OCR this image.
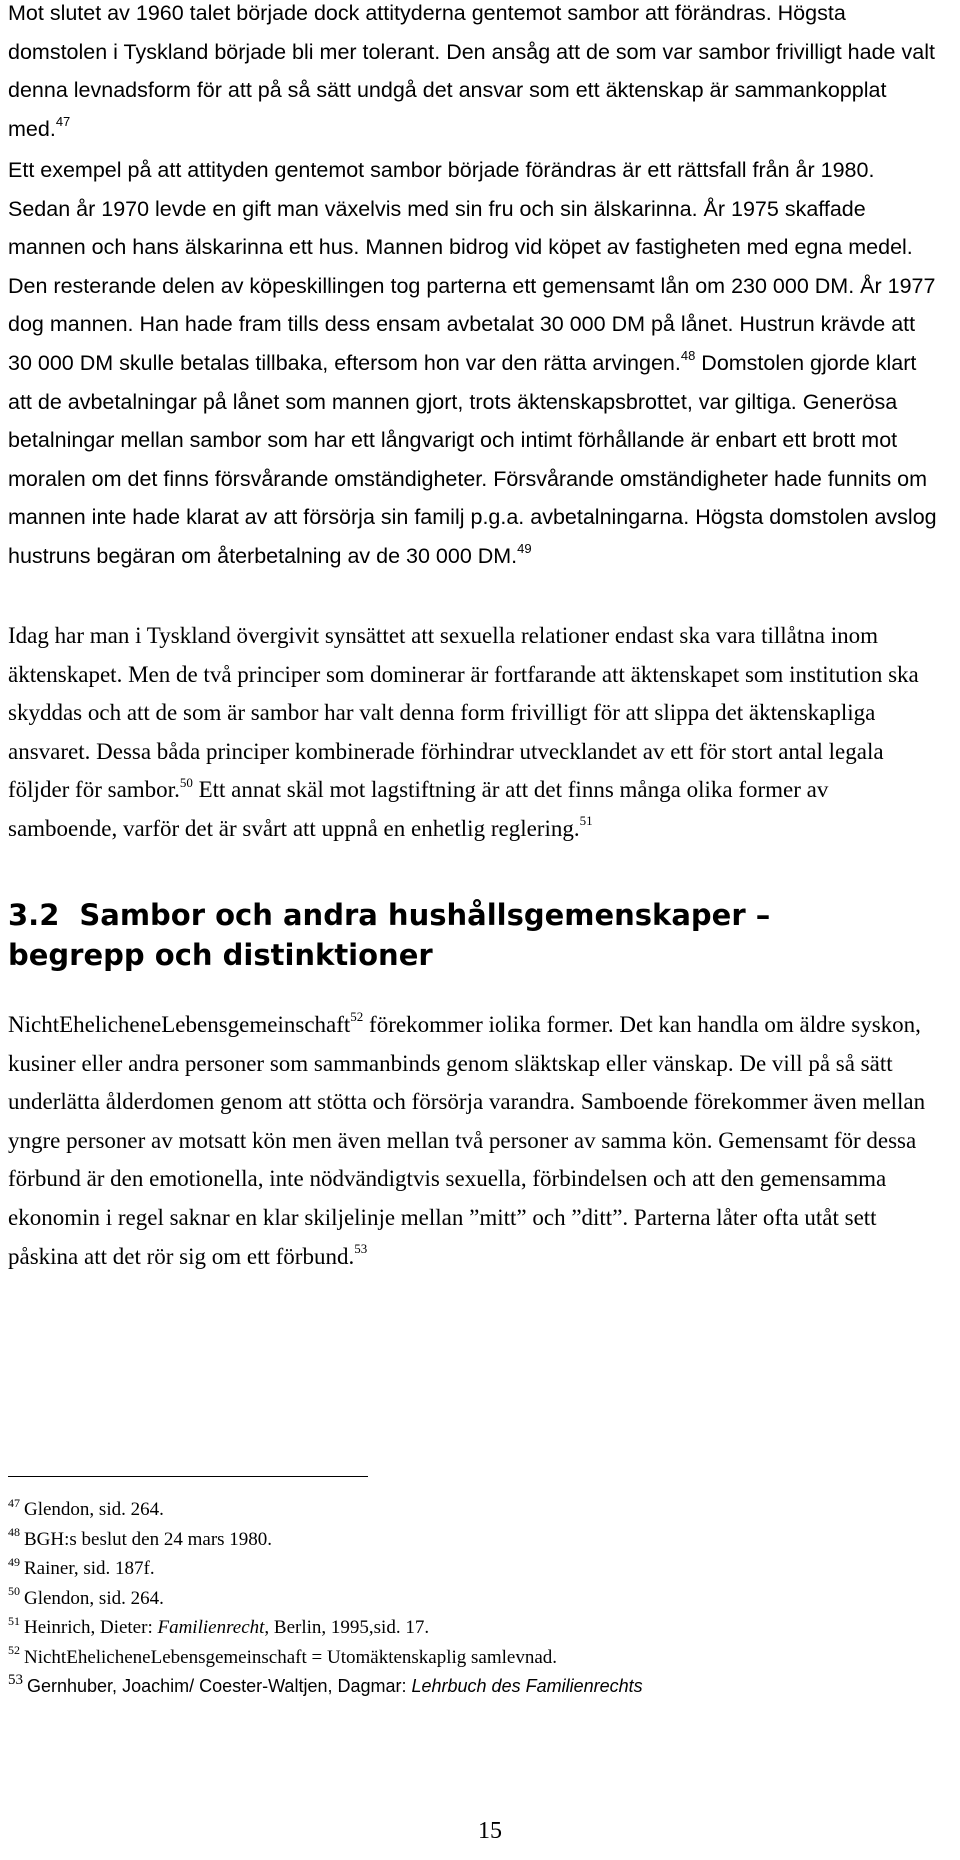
Mot slutet av 1960 talet började dock attityderna gentemot sambor att förändras. Högsta domstolen i Tyskland började bli mer tolerant. Den ansåg att de som var sambor frivilligt hade valt denna levnadsform för att på så sätt undgå det ansvar som ett äktenskap är sammankopplat med.$^{47}$

Ett exempel på att attityden gentemot sambor började förändras är ett rättsfall från år 1980. Sedan år 1970 levde en gift man växelvis med sin fru och sin älskarinna. År 1975 skaffade mannen och hans älskarinna ett hus. Mannen bidrog vid köpet av fastigheten med egna medel. Den resterande delen av köpeskillingen tog parterna ett gemensamt lån om 230 000 DM. År 1977 dog mannen. Han hade fram tills dess ensam avbetalat 30 000 DM på lånet. Hustrun krävde att 30 000 DM skulle betalas tillbaka, eftersom hon var den rätta arvingen.$^{48}$ Domstolen gjorde klart att de avbetalningar på lånet som mannen gjort, trots äktenskapsbrottet, var giltiga. Generösa betalningar mellan sambor som har ett långvarigt och intimt förhållande är enbart ett brott mot moralen om det finns försvårande omständigheter. Försvårande omständigheter hade funnits om mannen inte hade klarat av att försörja sin familj p.g.a. avbetalningarna. Högsta domstolen avslog hustruns begäran om återbetalning av de 30 000 DM.$^{49}$

Idag har man i Tyskland övergivit synsättet att sexuella relationer endast ska vara tillåtna inom äktenskapet. Men de två principer som dominerar är fortfarande att äktenskapet som institution ska skyddas och att de som är sambor har valt denna form frivilligt för att slippa det äktenskapliga ansvaret. Dessa båda principer kombinerade förhindrar utvecklandet av ett för stort antal legala följder för sambor.$^{50}$ Ett annat skäl mot lagstiftning är att det finns många olika former av samboende, varför det är svårt att uppnå en enhetlig reglering.$^{51}$

3.2 Sambor och andra hushållsgemenskaper –
begrepp och distinktioner

NichtEhelicheneLebensgemeinschaft$^{52}$ förekommer iolika former. Det kan handla om äldre syskon, kusiner eller andra personer som sammanbinds genom släktskap eller vänskap. De vill på så sätt underlätta ålderdomen genom att stötta och försörja varandra. Samboende förekommer även mellan yngre personer av motsatt kön men även mellan två personer av samma kön. Gemensamt för dessa förbund är den emotionella, inte nödvändigtvis sexuella, förbindelsen och att den gemensamma ekonomin i regel saknar en klar skiljelinje mellan ”mitt” och ”ditt”. Parterna låter ofta utåt sett påskina att det rör sig om ett förbund.$^{53}$

$^{47}$ Glendon, sid. 264.

$^{48}$ BGH:s beslut den 24 mars 1980.

$^{49}$ Rainer, sid. 187f.

$^{50}$ Glendon, sid. 264.

$^{51}$ Heinrich, Dieter: Familienrecht, Berlin, 1995,sid. 17.

$^{52}$ NichtEhelicheneLebensgemeinschaft = Utomäktenskaplig samlevnad.

$^{53}$ Gernhuber, Joachim/ Coester-Waltjen, Dagmar: Lehrbuch des Familienrechts

15
